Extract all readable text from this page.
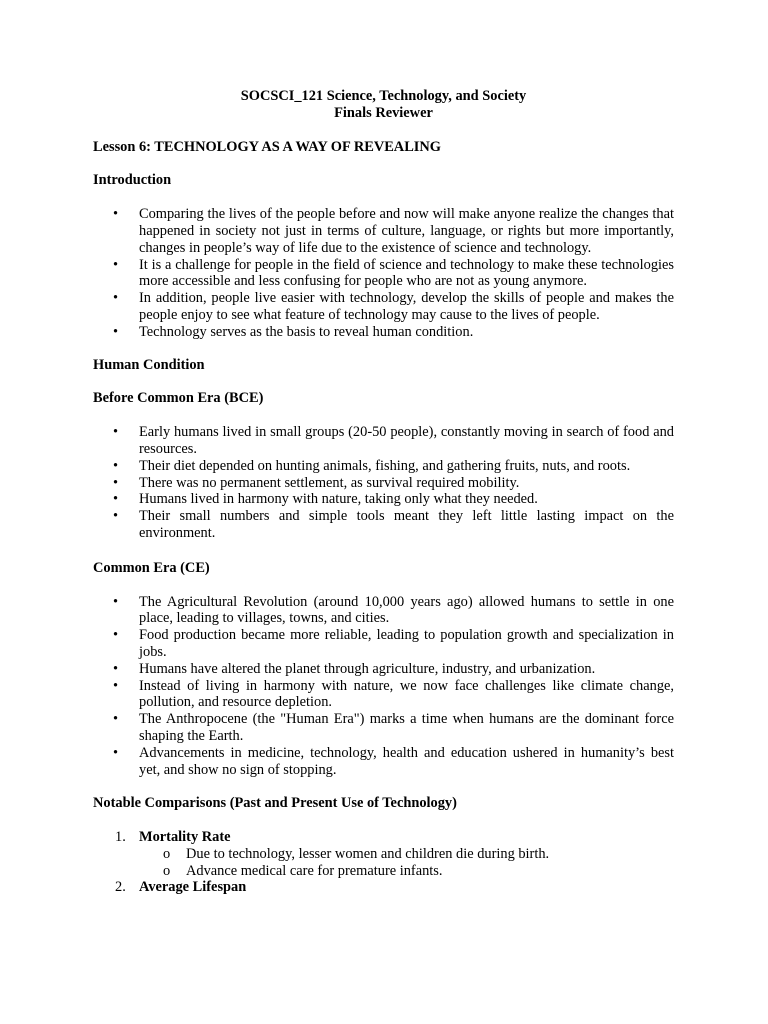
SOCSCI_121 Science, Technology, and Society

Finals Reviewer

Lesson 6: TECHNOLOGY AS A WAY OF REVEALING

Introduction

• Comparing the lives of the people before and now will make anyone realize the changes that happened in society not just in terms of culture, language, or rights but more importantly, changes in people’s way of life due to the existence of science and technology.
• It is a challenge for people in the field of science and technology to make these technologies more accessible and less confusing for people who are not as young anymore.
• In addition, people live easier with technology, develop the skills of people and makes the people enjoy to see what feature of technology may cause to the lives of people.
• Technology serves as the basis to reveal human condition.

Human Condition

Before Common Era (BCE)

• Early humans lived in small groups (20-50 people), constantly moving in search of food and resources.
• Their diet depended on hunting animals, fishing, and gathering fruits, nuts, and roots.
• There was no permanent settlement, as survival required mobility.
• Humans lived in harmony with nature, taking only what they needed.
• Their small numbers and simple tools meant they left little lasting impact on the environment.

Common Era (CE)

• The Agricultural Revolution (around 10,000 years ago) allowed humans to settle in one place, leading to villages, towns, and cities.
• Food production became more reliable, leading to population growth and specialization in jobs.
• Humans have altered the planet through agriculture, industry, and urbanization.
• Instead of living in harmony with nature, we now face challenges like climate change, pollution, and resource depletion.
• The Anthropocene (the "Human Era") marks a time when humans are the dominant force shaping the Earth.
• Advancements in medicine, technology, health and education ushered in humanity’s best yet, and show no sign of stopping.

Notable Comparisons (Past and Present Use of Technology)

1. Mortality Rate
o Due to technology, lesser women and children die during birth.
o Advance medical care for premature infants.
2. Average Lifespan
